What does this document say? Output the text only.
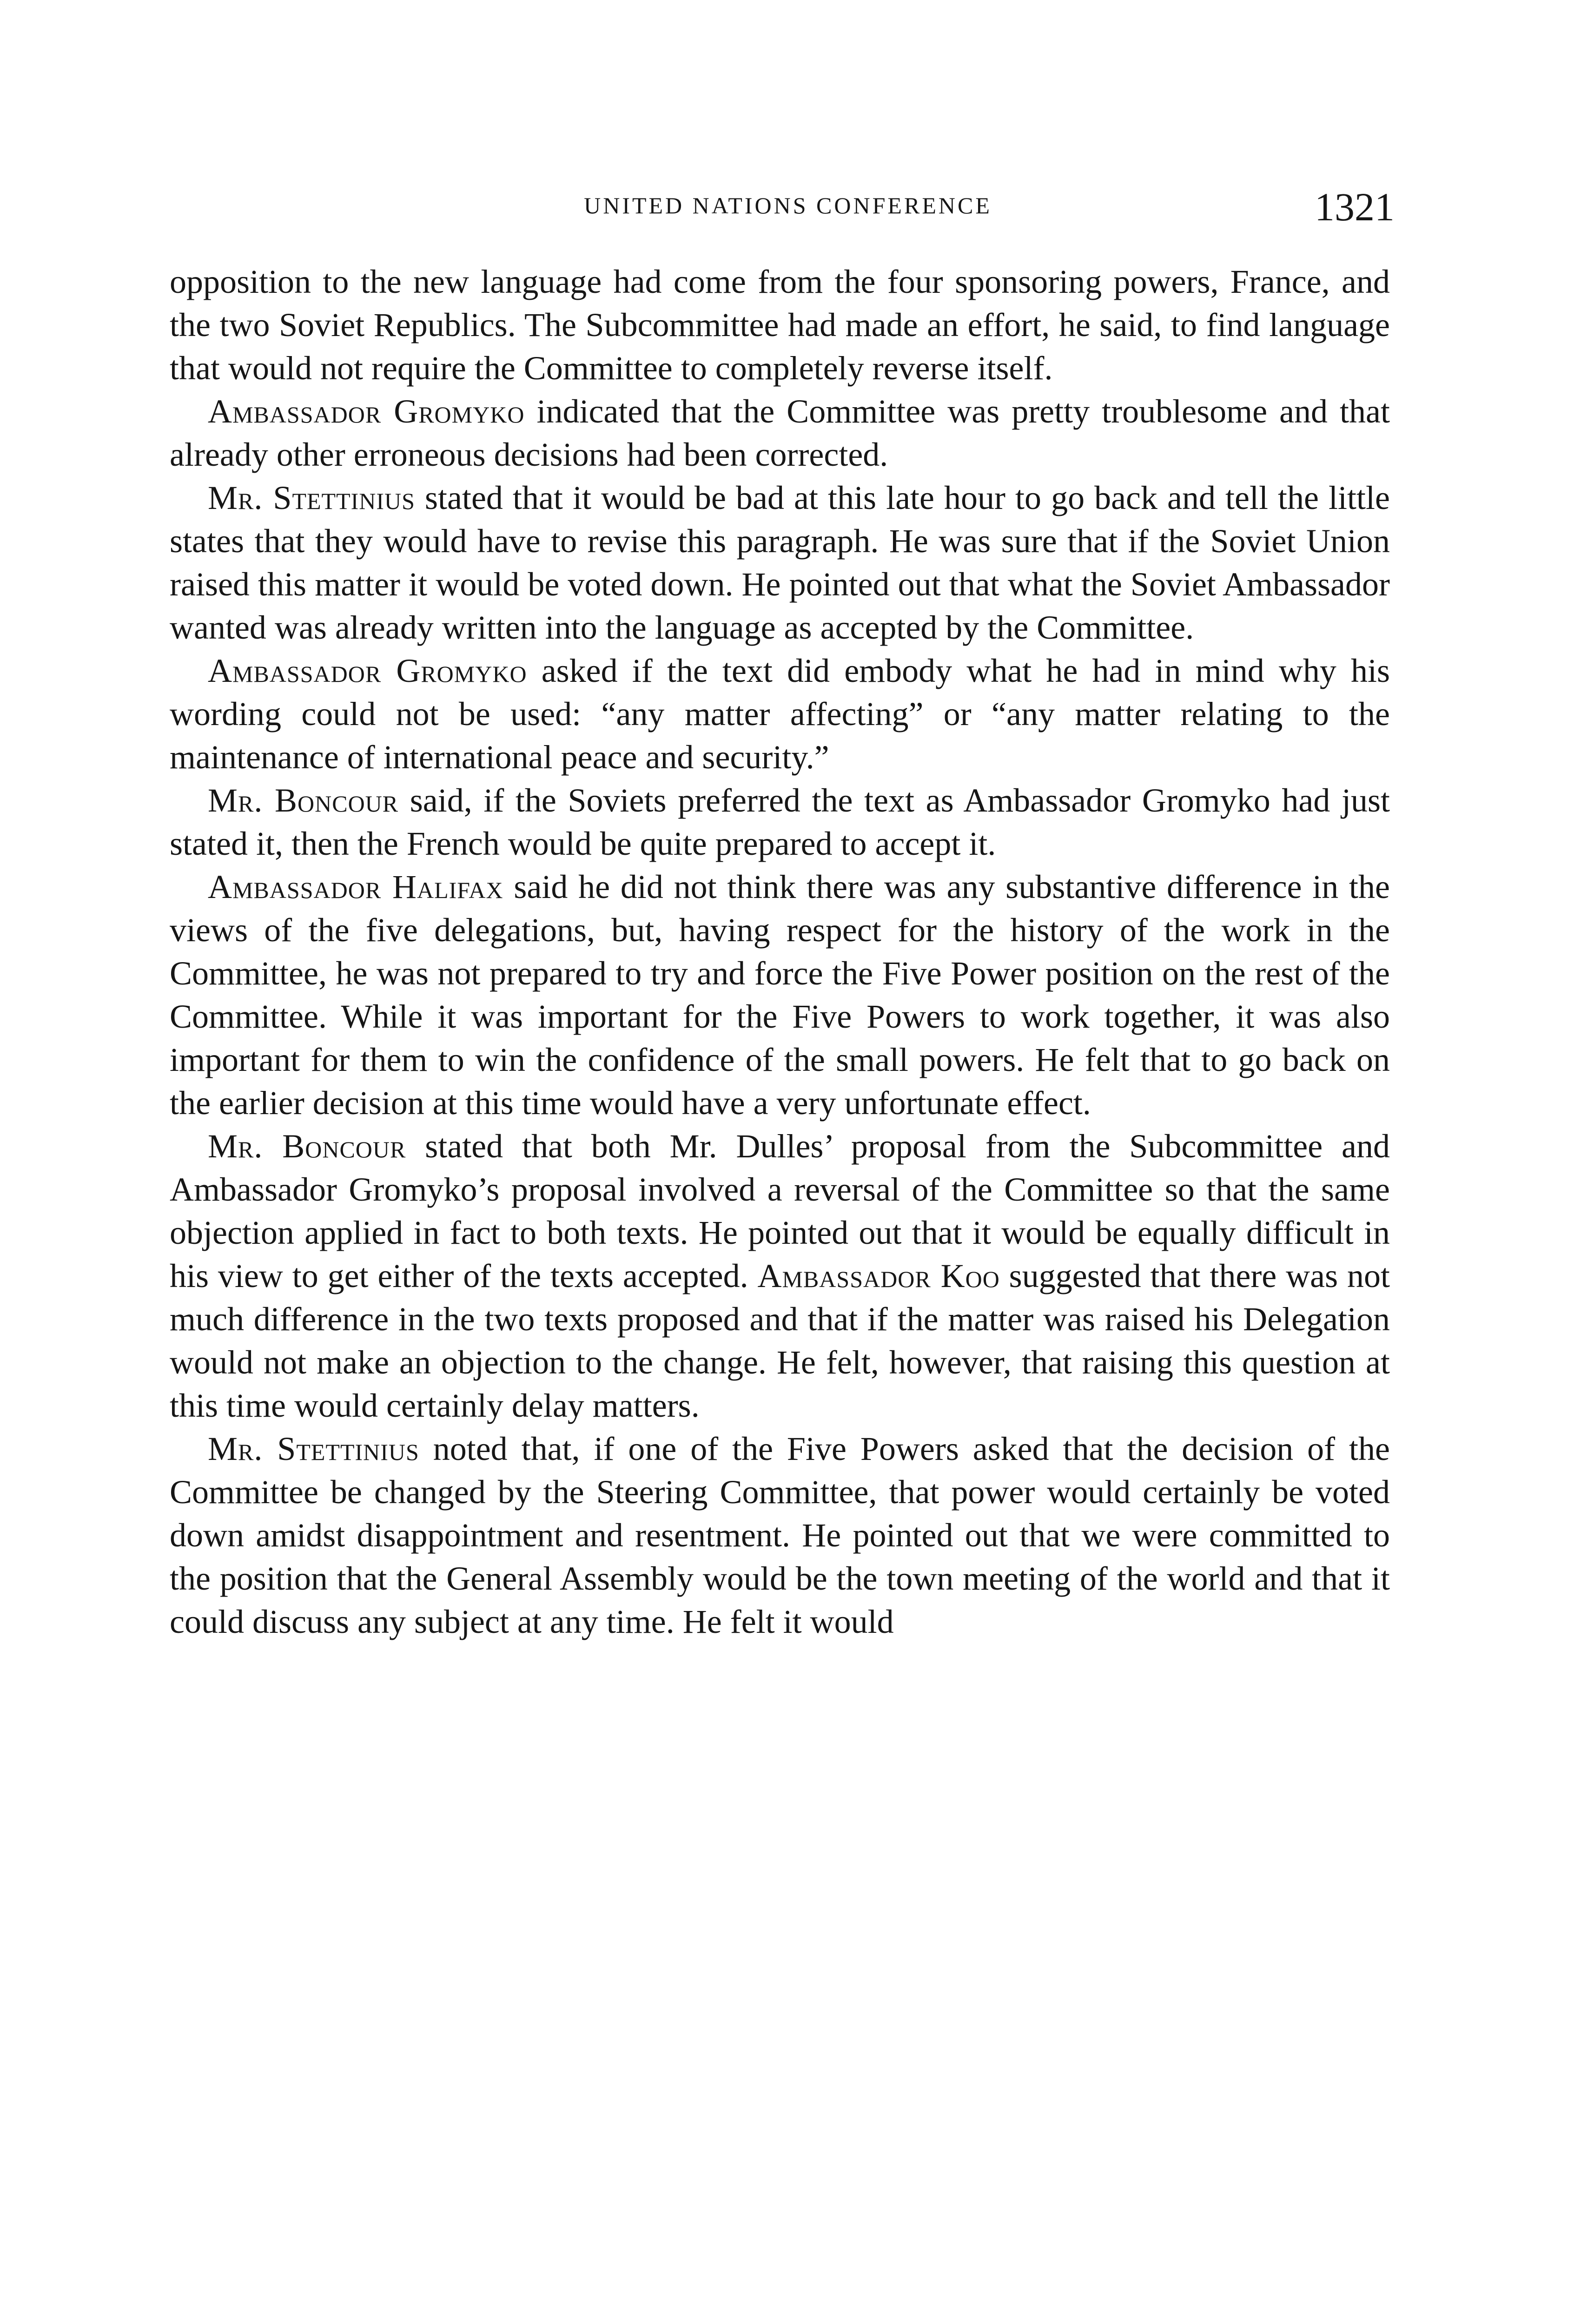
UNITED NATIONS CONFERENCE	1321

opposition to the new language had come from the four sponsoring powers, France, and the two Soviet Republics. The Subcommittee had made an effort, he said, to find language that would not require the Committee to completely reverse itself.

Ambassador Gromyko indicated that the Committee was pretty troublesome and that already other erroneous decisions had been corrected.

Mr. Stettinius stated that it would be bad at this late hour to go back and tell the little states that they would have to revise this paragraph. He was sure that if the Soviet Union raised this matter it would be voted down. He pointed out that what the Soviet Ambassador wanted was already written into the language as accepted by the Committee.

Ambassador Gromyko asked if the text did embody what he had in mind why his wording could not be used: “any matter affecting” or “any matter relating to the maintenance of international peace and security.”

Mr. Boncour said, if the Soviets preferred the text as Ambassador Gromyko had just stated it, then the French would be quite prepared to accept it.

Ambassador Halifax said he did not think there was any substantive difference in the views of the five delegations, but, having respect for the history of the work in the Committee, he was not prepared to try and force the Five Power position on the rest of the Committee. While it was important for the Five Powers to work together, it was also important for them to win the confidence of the small powers. He felt that to go back on the earlier decision at this time would have a very unfortunate effect.

Mr. Boncour stated that both Mr. Dulles’ proposal from the Subcommittee and Ambassador Gromyko’s proposal involved a reversal of the Committee so that the same objection applied in fact to both texts. He pointed out that it would be equally difficult in his view to get either of the texts accepted. Ambassador Koo suggested that there was not much difference in the two texts proposed and that if the matter was raised his Delegation would not make an objection to the change. He felt, however, that raising this question at this time would certainly delay matters.

Mr. Stettinius noted that, if one of the Five Powers asked that the decision of the Committee be changed by the Steering Committee, that power would certainly be voted down amidst disappointment and resentment. He pointed out that we were committed to the position that the General Assembly would be the town meeting of the world and that it could discuss any subject at any time. He felt it would
